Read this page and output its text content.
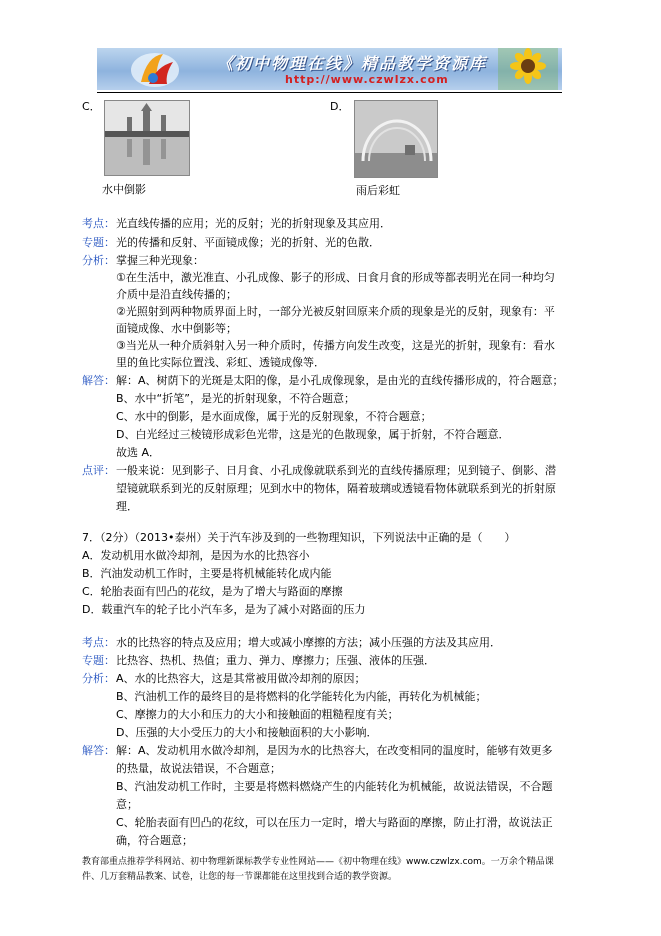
《初中物理在线》精品教学资源库
http://www.czwlzx.com
C．
水中倒影
D．
雨后彩虹
考点： 光直线传播的应用；光的反射；光的折射现象及其应用．
专题： 光的传播和反射、平面镜成像；光的折射、光的色散．
分析： 掌握三种光现象：
①在生活中，激光准直、小孔成像、影子的形成、日食月食的形成等都表明光在同一种均匀
介质中是沿直线传播的；
②光照射到两种物质界面上时，一部分光被反射回原来介质的现象是光的反射，现象有：平
面镜成像、水中倒影等；
③当光从一种介质斜射入另一种介质时，传播方向发生改变，这是光的折射，现象有：看水
里的鱼比实际位置浅、彩虹、透镜成像等．
解答： 解：A、树荫下的光斑是太阳的像，是小孔成像现象，是由光的直线传播形成的，符合题意；
B、水中“折笔”，是光的折射现象，不符合题意；
C、水中的倒影，是水面成像，属于光的反射现象，不符合题意；
D、白光经过三棱镜形成彩色光带，这是光的色散现象，属于折射，不符合题意．
故选 A．
点评： 一般来说：见到影子、日月食、小孔成像就联系到光的直线传播原理；见到镜子、倒影、潜
望镜就联系到光的反射原理；见到水中的物体，隔着玻璃或透镜看物体就联系到光的折射原
理．
7．（2分）（2013•泰州）关于汽车涉及到的一些物理知识，下列说法中正确的是（　　）
A．发动机用水做冷却剂，是因为水的比热容小
B．汽油发动机工作时，主要是将机械能转化成内能
C．轮胎表面有凹凸的花纹，是为了增大与路面的摩擦
D．载重汽车的轮子比小汽车多，是为了减小对路面的压力
考点： 水的比热容的特点及应用；增大或减小摩擦的方法；减小压强的方法及其应用．
专题： 比热容、热机、热值；重力、弹力、摩擦力；压强、液体的压强．
分析： A、水的比热容大，这是其常被用做冷却剂的原因；
B、汽油机工作的最终目的是将燃料的化学能转化为内能，再转化为机械能；
C、摩擦力的大小和压力的大小和接触面的粗糙程度有关；
D、压强的大小受压力的大小和接触面积的大小影响．
解答： 解：A、发动机用水做冷却剂，是因为水的比热容大，在改变相同的温度时，能够有效更多
的热量，故说法错误，不合题意；
B、汽油发动机工作时，主要是将燃料燃烧产生的内能转化为机械能，故说法错误，不合题
意；
C、轮胎表面有凹凸的花纹，可以在压力一定时，增大与路面的摩擦，防止打滑，故说法正
确，符合题意；
教育部重点推荐学科网站、初中物理新课标教学专业性网站——《初中物理在线》www.czwlzx.com。一万余个精品课
件、几万套精品教案、试卷，让您的每一节课都能在这里找到合适的教学资源。
